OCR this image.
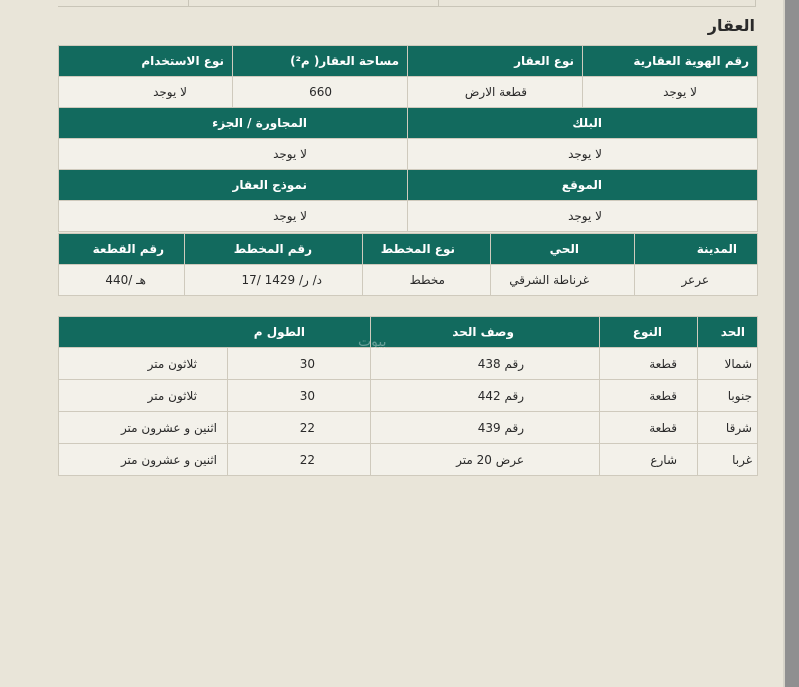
العقار
رقم الهوية العقارية	نوع العقار	مساحة العقار( م²)	نوع الاستخدام
لا يوجد	قطعة الارض	660	لا يوجد
البلك		المجاورة / الجزء	
لا يوجد		لا يوجد	
الموقع		نموذج العقار	
لا يوجد		لا يوجد	
المدينة	الحي	نوع المخطط	رقم المخطط	رقم القطعة
عرعر	غرناطة الشرقي	مخطط	د/ ر/ 1429 /17	هـ /440
الحد	النوع	وصف الحد	الطول م	
شمالا	قطعة	رقم 438	30	ثلاثون متر
جنوبا	قطعة	رقم 442	30	ثلاثون متر
شرقا	قطعة	رقم 439	22	اثنين و عشرون متر
غربا	شارع	عرض 20 متر	22	اثنين و عشرون متر
بيوت
